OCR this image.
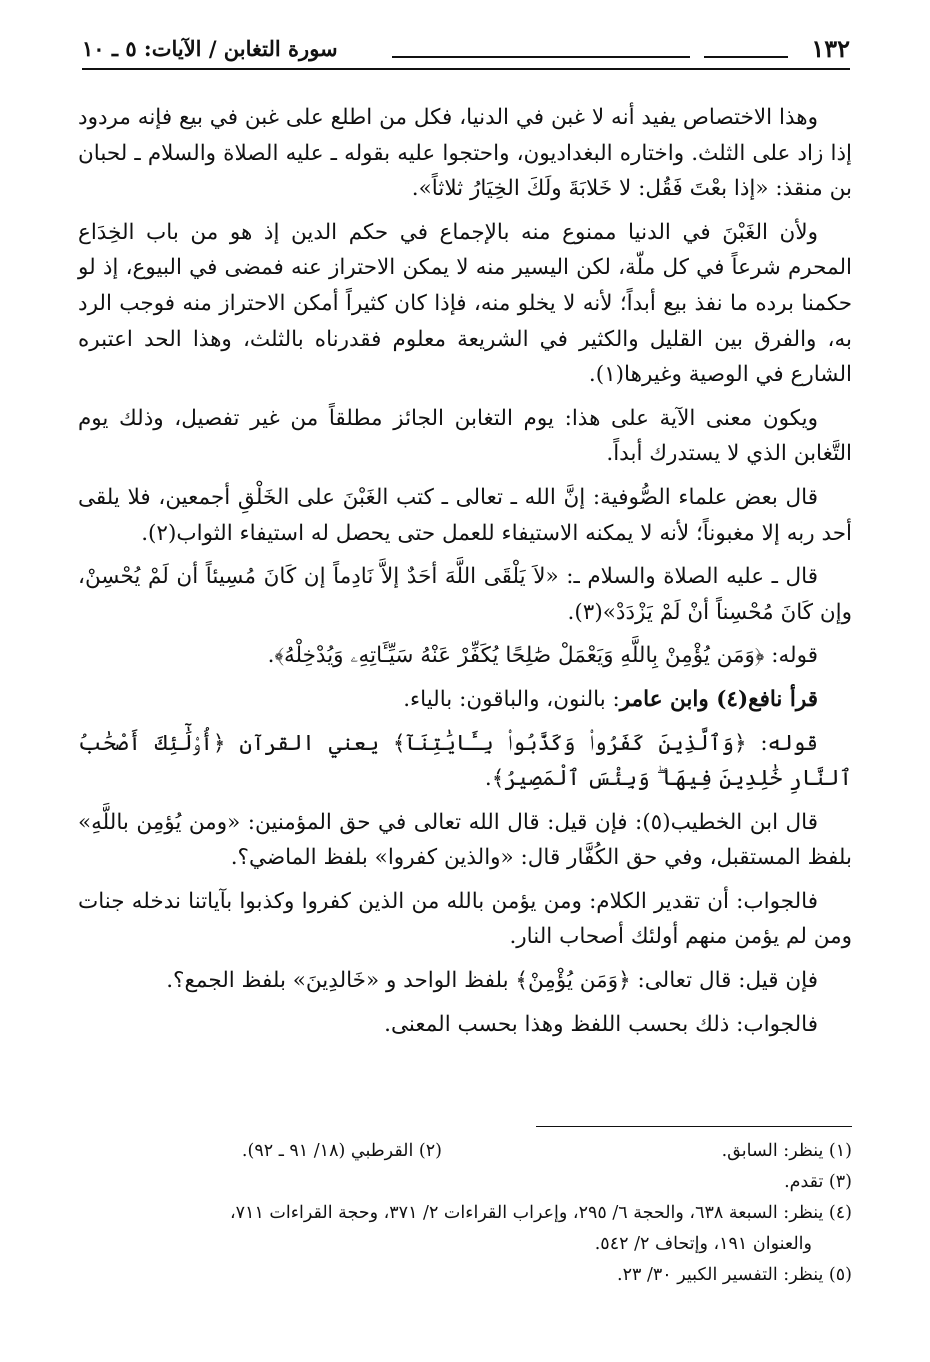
١٣٢
سورة التغابن / الآيات: ٥ ـ ١٠

وهذا الاختصاص يفيد أنه لا غبن في الدنيا، فكل من اطلع على غبن في بيع فإنه مردود إذا زاد على الثلث. واختاره البغداديون، واحتجوا عليه بقوله ـ عليه الصلاة والسلام ـ لحبان بن منقذ: «إذا بعْتَ فَقُل: لا خَلابَةَ ولَكَ الخِيَارُ ثلاثاً».

ولأن الغَبْنَ في الدنيا ممنوع منه بالإجماع في حكم الدين إذ هو من باب الخِدَاع المحرم شرعاً في كل ملّة، لكن اليسير منه لا يمكن الاحتراز عنه فمضى في البيوع، إذ لو حكمنا برده ما نفذ بيع أبداً؛ لأنه لا يخلو منه، فإذا كان كثيراً أمكن الاحتراز منه فوجب الرد به، والفرق بين القليل والكثير في الشريعة معلوم فقدرناه بالثلث، وهذا الحد اعتبره الشارع في الوصية وغيرها(١).

ويكون معنى الآية على هذا: يوم التغابن الجائز مطلقاً من غير تفصيل، وذلك يوم التَّغابن الذي لا يستدرك أبداً.

قال بعض علماء الصُّوفية: إنَّ الله ـ تعالى ـ كتب الغَبْنَ على الخَلْقِ أجمعين، فلا يلقى أحد ربه إلا مغبوناً؛ لأنه لا يمكنه الاستيفاء للعمل حتى يحصل له استيفاء الثواب(٢).

قال ـ عليه الصلاة والسلام ـ: «لاَ يَلْقَى اللَّهَ أحَدٌ إلاَّ نَادِماً إن كَانَ مُسِيئاً أن لَمْ يُحْسِنْ، وإن كَانَ مُحْسِناً أنْ لَمْ يَزْدَدْ»(٣).

قوله: ﴿وَمَن يُؤْمِنْ بِاللَّهِ وَيَعْمَلْ صَٰلِحًا يُكَفِّرْ عَنْهُ سَيِّـَٔاتِهِۦ وَيُدْخِلْهُ﴾.

قرأ نافع(٤) وابن عامر: بالنون، والباقون: بالياء.

قوله: ﴿وَٱلَّذِينَ كَفَرُوا۟ وَكَذَّبُوا۟ بِـَٔايَٰتِنَآ﴾ يعني القرآن ﴿أُو۟لَٰٓئِكَ أَصْحَٰبُ ٱلنَّارِ خَٰلِدِينَ فِيهَا ۖ وَبِئْسَ ٱلْمَصِيرُ﴾.

قال ابن الخطيب(٥): فإن قيل: قال الله تعالى في حق المؤمنين: «ومن يُؤمِن باللَّهِ» بلفظ المستقبل، وفي حق الكُفَّار قال: «والذين كفروا» بلفظ الماضي؟.

فالجواب: أن تقدير الكلام: ومن يؤمن بالله من الذين كفروا وكذبوا بآياتنا ندخله جنات ومن لم يؤمن منهم أولئك أصحاب النار.

فإن قيل: قال تعالى: ﴿وَمَن يُؤْمِنْ﴾ بلفظ الواحد و «خَالدِينَ» بلفظ الجمع؟.

فالجواب: ذلك بحسب اللفظ وهذا بحسب المعنى.

(١) ينظر: السابق.
(٢) القرطبي (١٨/ ٩١ ـ ٩٢).
(٣) تقدم.
(٤) ينظر: السبعة ٦٣٨، والحجة ٦/ ٢٩٥، وإعراب القراءات ٢/ ٣٧١، وحجة القراءات ٧١١،
والعنوان ١٩١، وإتحاف ٢/ ٥٤٢.
(٥) ينظر: التفسير الكبير ٣٠/ ٢٣.
